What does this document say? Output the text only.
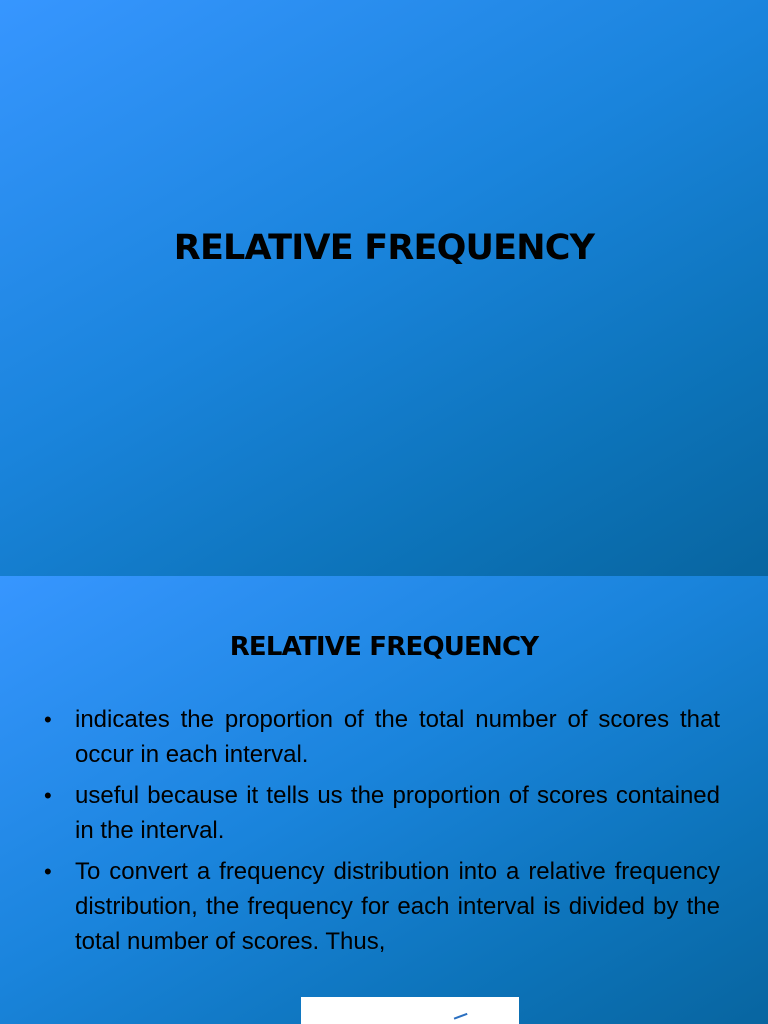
RELATIVE FREQUENCY
RELATIVE FREQUENCY
• indicates the proportion of the total number of scores that occur in each interval.
• useful because it tells us the proportion of scores contained in the interval.
• To convert a frequency distribution into a relative frequency distribution, the frequency for each interval is divided by the total number of scores. Thus,
